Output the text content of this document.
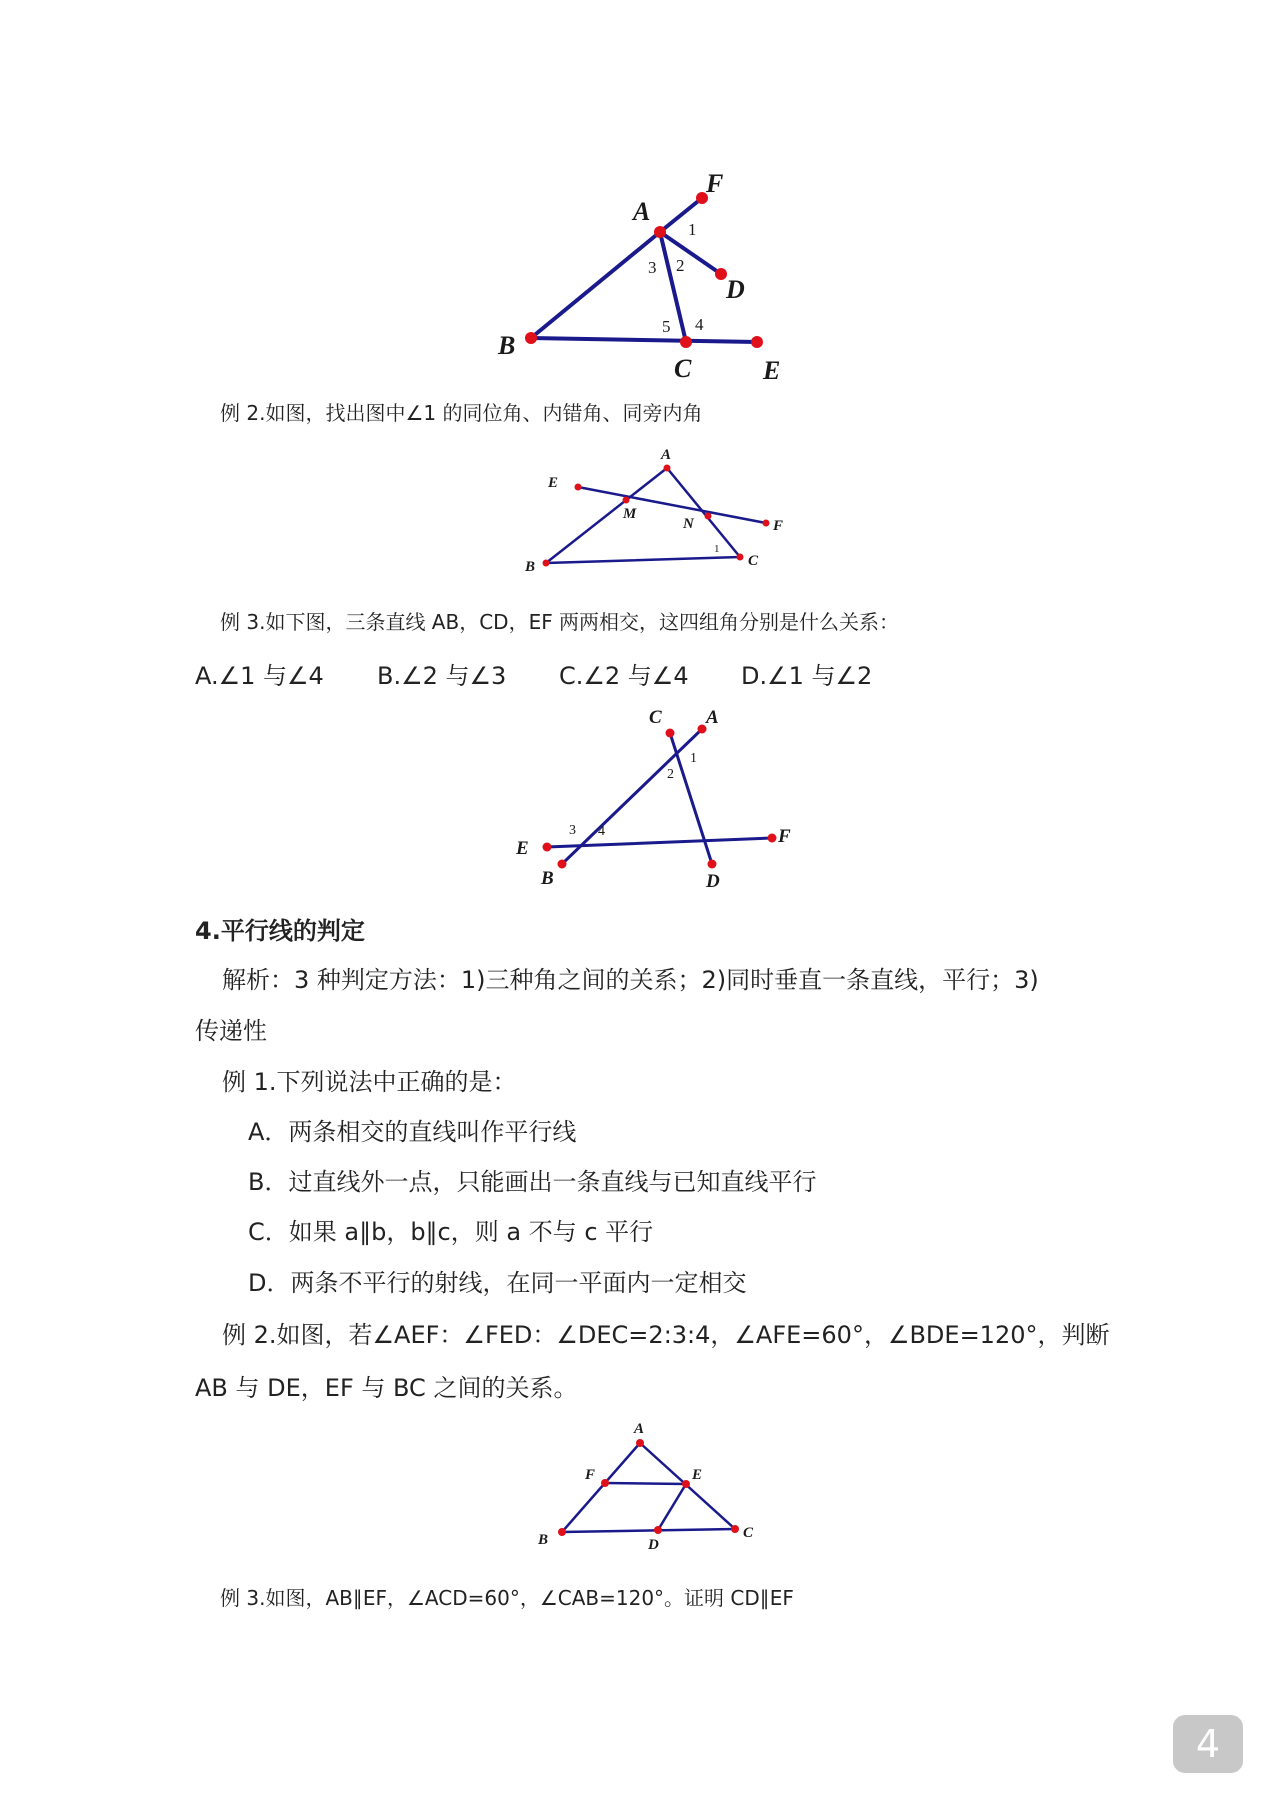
A
F
D
B
C	E
1
2
3
4
5
例 2.如图，找出图中∠1 的同位角、内错角、同旁内角
A
E
M
N	F
B	C
1
例 3.如下图，三条直线 AB，CD，EF 两两相交，这四组角分别是什么关系：
A.∠1 与∠4 B.∠2 与∠3 C.∠2 与∠4 D.∠1 与∠2
C A
E
B
F
D
1
2
3 4
4.平行线的判定
解析：3 种判定方法：1)三种角之间的关系；2)同时垂直一条直线，平行；3)
传递性
例 1.下列说法中正确的是：
A．两条相交的直线叫作平行线
B．过直线外一点，只能画出一条直线与已知直线平行
C．如果 a∥b，b∥c，则 a 不与 c 平行
D．两条不平行的射线，在同一平面内一定相交
例 2.如图，若∠AEF：∠FED：∠DEC=2:3:4，∠AFE=60°，∠BDE=120°，判断
AB 与 DE，EF 与 BC 之间的关系。
A
F	E
B	D
C
例 3.如图，AB∥EF，∠ACD=60°，∠CAB=120°。证明 CD∥EF
4
